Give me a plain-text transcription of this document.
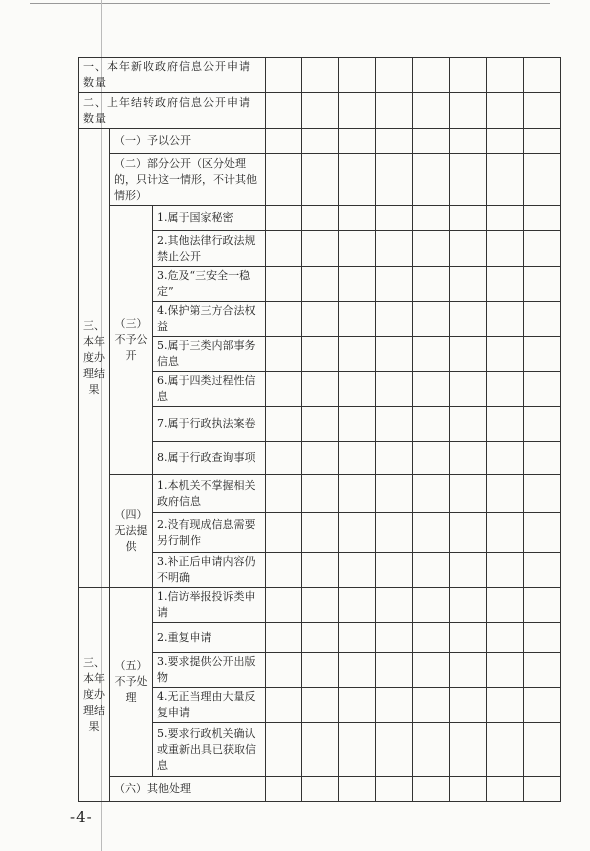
一、本年新收政府信息公开申请数量										
二、上年结转政府信息公开申请数量										
三、本年度办理结果	（一）予以公开									
	（二）部分公开（区分处理的，只计这一情形，不计其他情形）									
	（三）不予公开	1.属于国家秘密								
		2.其他法律行政法规禁止公开								
		3.危及“三安全一稳定”								
		4.保护第三方合法权益								
		5.属于三类内部事务信息								
		6.属于四类过程性信息								
		7.属于行政执法案卷								
		8.属于行政查询事项								
	（四）无法提供	1.本机关不掌握相关政府信息								
		2.没有现成信息需要另行制作								
		3.补正后申请内容仍不明确								
三、本年度办理结果	（五）不予处理	1.信访举报投诉类申请								
		2.重复申请								
		3.要求提供公开出版物								
		4.无正当理由大量反复申请								
		5.要求行政机关确认或重新出具已获取信息								
	（六）其他处理									
-4-
